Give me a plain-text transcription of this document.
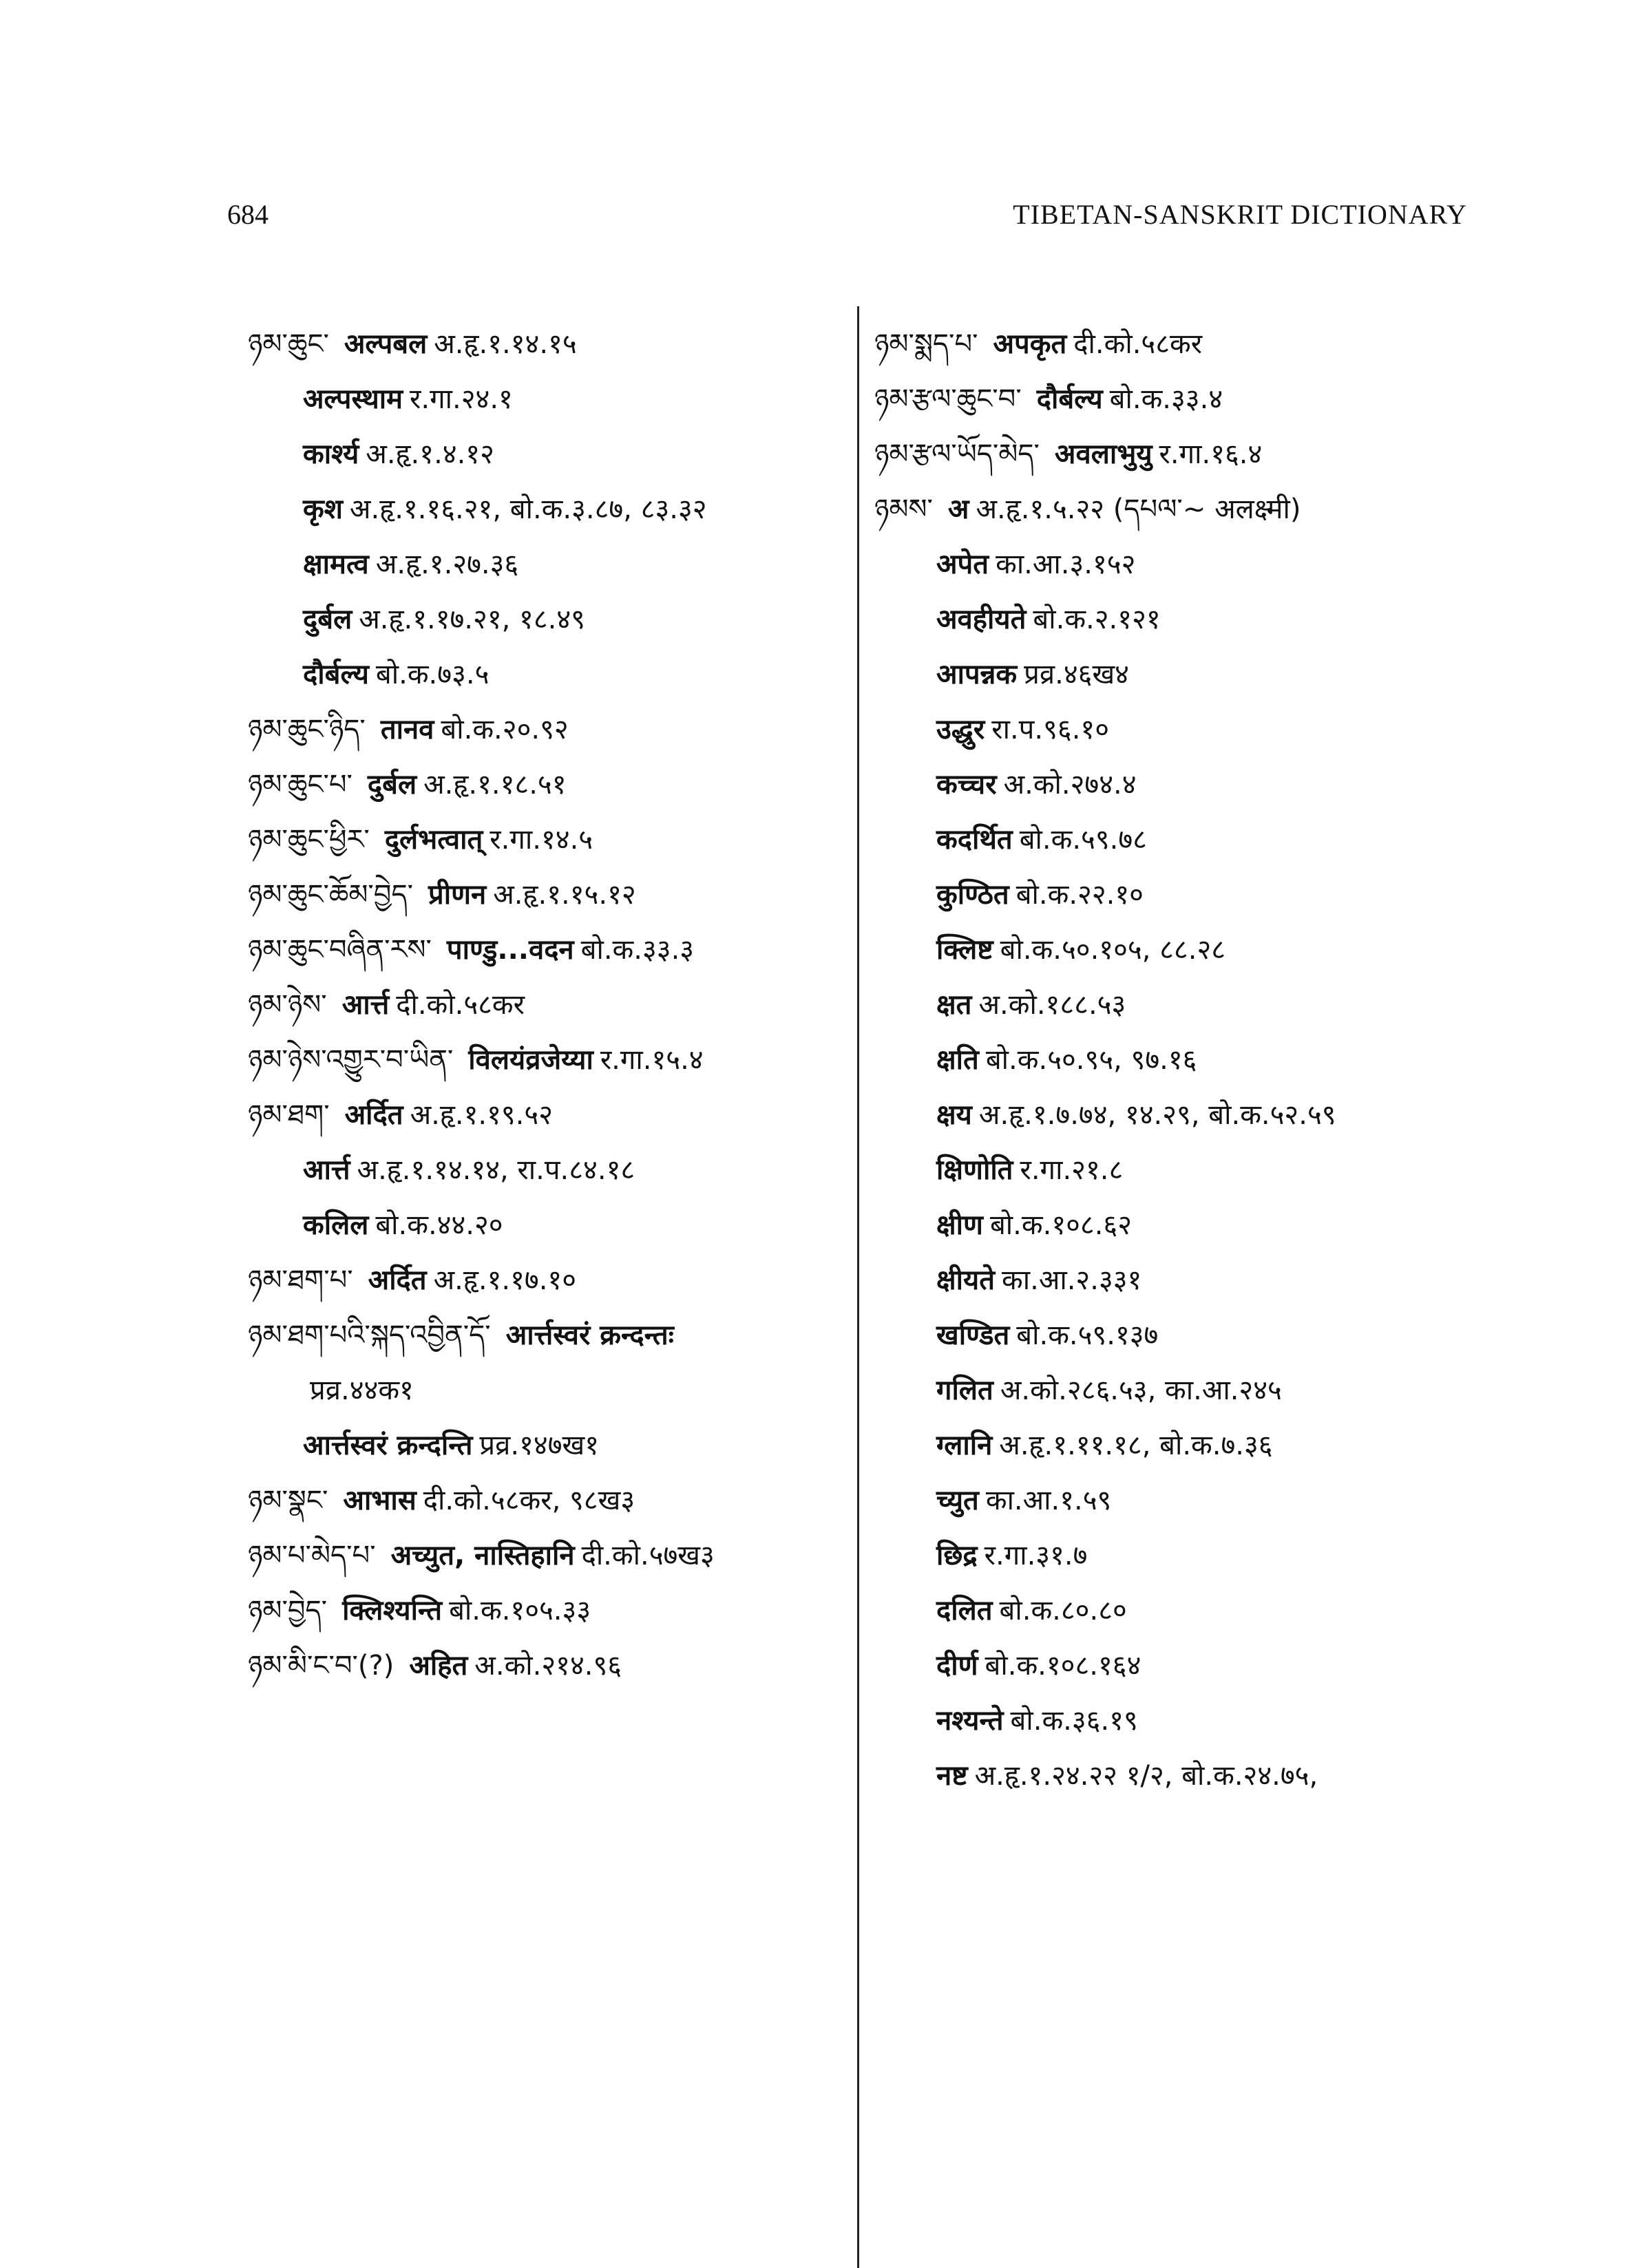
684	TIBETAN-SANSKRIT DICTIONARY
ཉམ་ཆུང་ अल्पबल अ.हृ.१.१४.१५
अल्पस्थाम र.गा.२४.१
कार्श्य अ.हृ.१.४.१२
कृश अ.हृ.१.१६.२१, बो.क.३.८७, ८३.३२
क्षामत्व अ.हृ.१.२७.३६
दुर्बल अ.हृ.१.१७.२१, १८.४९
दौर्बल्य बो.क.७३.५
ཉམ་ཆུང་ཉིད་ तानव बो.क.२०.९२
ཉམ་ཆུང་པ་ दुर्बल अ.हृ.१.१८.५१
ཉམ་ཆུང་ཕྱིར་ दुर्लभत्वात् र.गा.१४.५
ཉམ་ཆུང་ཆོམ་བྱེད་ प्रीणन अ.हृ.१.१५.१२
ཉམ་ཆུང་བཞིན་རས་ पाण्डु...वदन बो.क.३३.३
ཉམ་ཉེས་ आर्त्त दी.को.५८कर
ཉམ་ཉེས་འགྱུར་བ་ཡིན་ विलयंव्रजेय्या र.गा.१५.४
ཉམ་ཐག་ अर्दित अ.हृ.१.१९.५२
आर्त्त अ.हृ.१.१४.१४, रा.प.८४.१८
कलिल बो.क.४४.२०
ཉམ་ཐག་པ་ अर्दित अ.हृ.१.१७.१०
ཉམ་ཐག་པའི་སྐད་འབྱིན་དོ་ आर्त्तस्वरं क्रन्दन्तः
प्रव्र.४४क१
आर्त्तस्वरं क्रन्दन्ति प्रव्र.१४७ख१
ཉམ་སྣང་ आभास दी.को.५८कर, ९८ख३
ཉམ་པ་མེད་པ་ अच्युत, नास्तिहानि दी.को.५७ख३
ཉམ་བྱེད་ क्लिश्यन्ति बो.क.१०५.३३
ཉམ་མི་ང་བ་(?) अहित अ.को.२१४.९६
ཉམ་སྨད་པ་ अपकृत दी.को.५८कर
ཉམ་རྩལ་ཆུང་བ་ दौर्बल्य बो.क.३३.४
ཉམ་རྩལ་ཡོད་མེད་ अवलाभुयु र.गा.१६.४
ཉམས་ अ अ.हृ.१.५.२२ (དཔལ་~ अलक्ष्मी)
अपेत का.आ.३.१५२
अवहीयते बो.क.२.१२१
आपन्नक प्रव्र.४६ख४
उद्धुर रा.प.९६.१०
कच्चर अ.को.२७४.४
कदर्थित बो.क.५९.७८
कुण्ठित बो.क.२२.१०
क्लिष्ट बो.क.५०.१०५, ८८.२८
क्षत अ.को.१८८.५३
क्षति बो.क.५०.९५, ९७.१६
क्षय अ.हृ.१.७.७४, १४.२९, बो.क.५२.५९
क्षिणोति र.गा.२१.८
क्षीण बो.क.१०८.६२
क्षीयते का.आ.२.३३१
खण्डित बो.क.५९.१३७
गलित अ.को.२८६.५३, का.आ.२४५
ग्लानि अ.हृ.१.११.१८, बो.क.७.३६
च्युत का.आ.१.५९
छिद्र र.गा.३१.७
दलित बो.क.८०.८०
दीर्ण बो.क.१०८.१६४
नश्यन्ते बो.क.३६.१९
नष्ट अ.हृ.१.२४.२२ १/२, बो.क.२४.७५,
